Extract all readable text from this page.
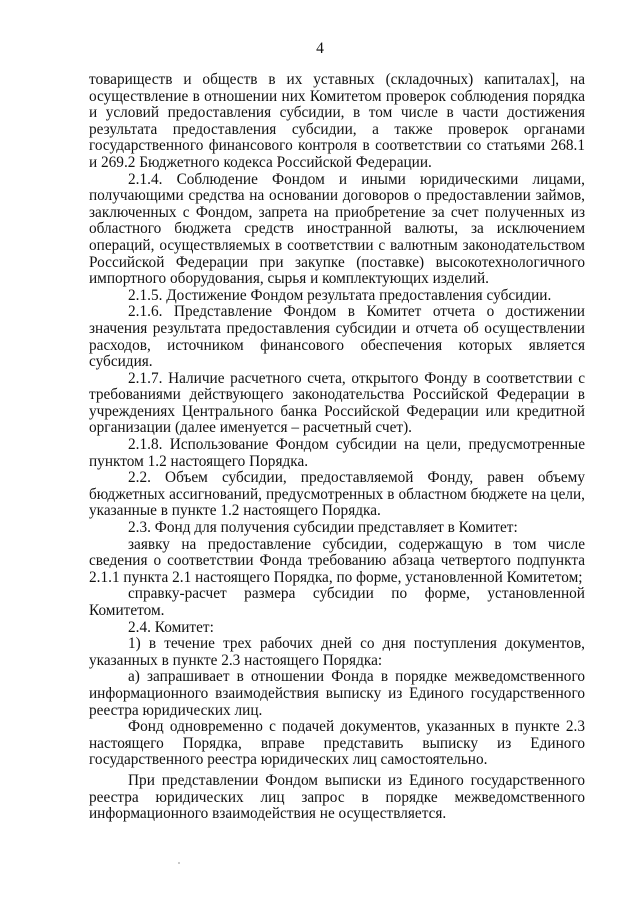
4

товариществ и обществ в их уставных (складочных) капиталах], на осуществление в отношении них Комитетом проверок соблюдения порядка и условий предоставления субсидии, в том числе в части достижения результата предоставления субсидии, а также проверок органами государственного финансового контроля в соответствии со статьями 268.1 и 269.2 Бюджетного кодекса Российской Федерации.

2.1.4. Соблюдение Фондом и иными юридическими лицами, получающими средства на основании договоров о предоставлении займов, заключенных с Фондом, запрета на приобретение за счет полученных из областного бюджета средств иностранной валюты, за исключением операций, осуществляемых в соответствии с валютным законодательством Российской Федерации при закупке (поставке) высокотехнологичного импортного оборудования, сырья и комплектующих изделий.

2.1.5. Достижение Фондом результата предоставления субсидии.

2.1.6. Представление Фондом в Комитет отчета о достижении значения результата предоставления субсидии и отчета об осуществлении расходов, источником финансового обеспечения которых является субсидия.

2.1.7. Наличие расчетного счета, открытого Фонду в соответствии с требованиями действующего законодательства Российской Федерации в учреждениях Центрального банка Российской Федерации или кредитной организации (далее именуется – расчетный счет).

2.1.8. Использование Фондом субсидии на цели, предусмотренные пунктом 1.2 настоящего Порядка.

2.2. Объем субсидии, предоставляемой Фонду, равен объему бюджетных ассигнований, предусмотренных в областном бюджете на цели, указанные в пункте 1.2 настоящего Порядка.

2.3. Фонд для получения субсидии представляет в Комитет:

заявку на предоставление субсидии, содержащую в том числе сведения о соответствии Фонда требованию абзаца четвертого подпункта 2.1.1 пункта 2.1 настоящего Порядка, по форме, установленной Комитетом;

справку-расчет размера субсидии по форме, установленной Комитетом.

2.4. Комитет:

1) в течение трех рабочих дней со дня поступления документов, указанных в пункте 2.3 настоящего Порядка:

а) запрашивает в отношении Фонда в порядке межведомственного информационного взаимодействия выписку из Единого государственного реестра юридических лиц.

Фонд одновременно с подачей документов, указанных в пункте 2.3 настоящего Порядка, вправе представить выписку из Единого государственного реестра юридических лиц самостоятельно.

При представлении Фондом выписки из Единого государственного реестра юридических лиц запрос в порядке межведомственного информационного взаимодействия не осуществляется.
